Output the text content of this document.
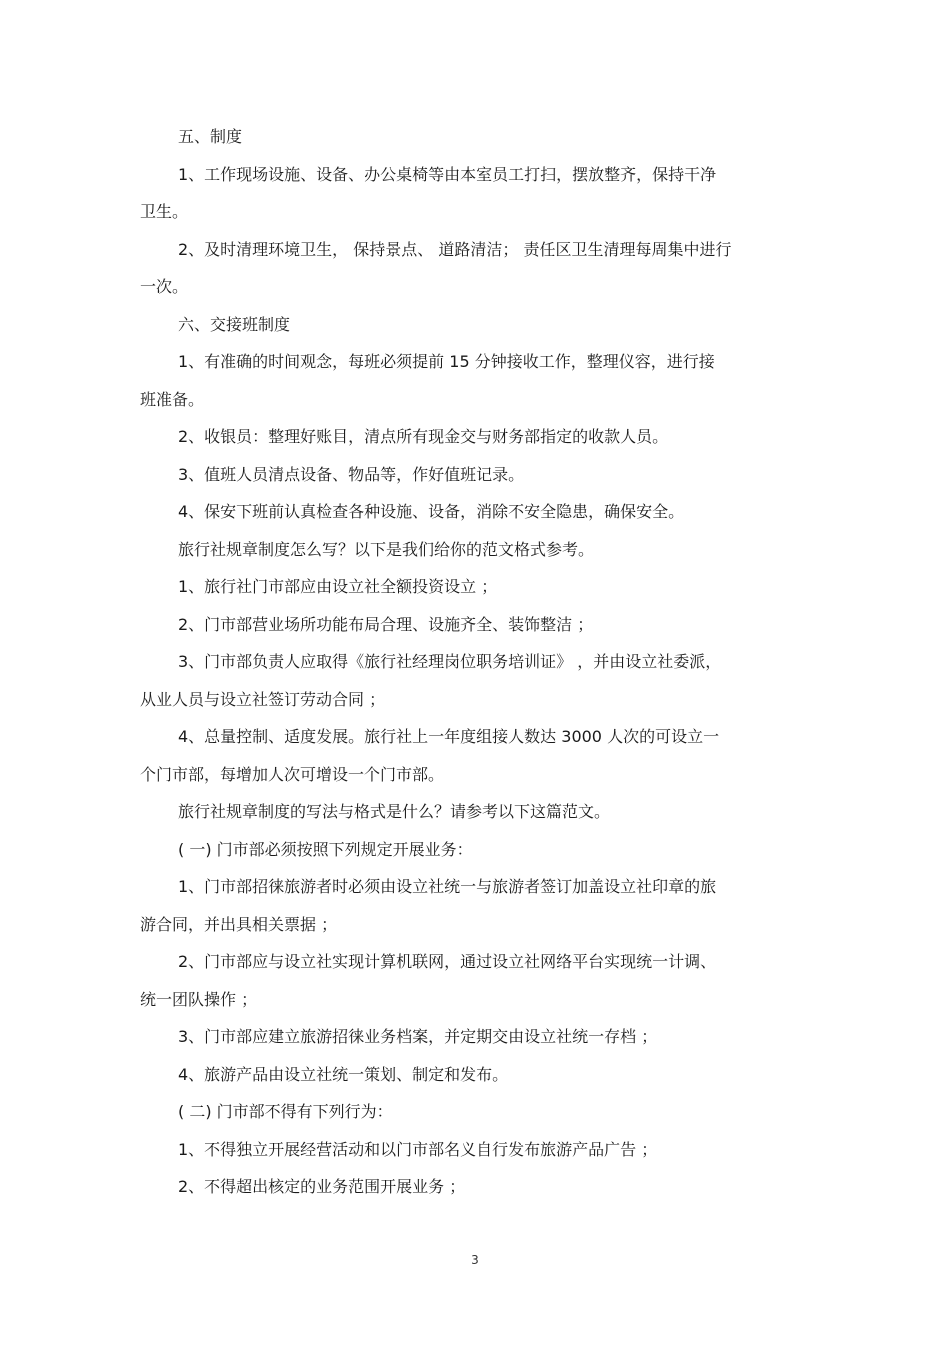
五、制度
1、工作现场设施、设备、办公桌椅等由本室员工打扫，摆放整齐，保持干净
卫生。
2、及时清理环境卫生， 保持景点、 道路清洁； 责任区卫生清理每周集中进行
一次。
六、交接班制度
1、有准确的时间观念，每班必须提前 15 分钟接收工作，整理仪容，进行接
班准备。
2、收银员：整理好账目，清点所有现金交与财务部指定的收款人员。
3、值班人员清点设备、物品等，作好值班记录。
4、保安下班前认真检查各种设施、设备，消除不安全隐患，确保安全。
旅行社规章制度怎么写？以下是我们给你的范文格式参考。
1、旅行社门市部应由设立社全额投资设立 ；
2、门市部营业场所功能布局合理、设施齐全、装饰整洁 ；
3、门市部负责人应取得《旅行社经理岗位职务培训证》 ，并由设立社委派，
从业人员与设立社签订劳动合同 ；
4、总量控制、适度发展。旅行社上一年度组接人数达 3000 人次的可设立一
个门市部，每增加人次可增设一个门市部。
旅行社规章制度的写法与格式是什么？请参考以下这篇范文。
( 一) 门市部必须按照下列规定开展业务：
1、门市部招徕旅游者时必须由设立社统一与旅游者签订加盖设立社印章的旅
游合同，并出具相关票据 ；
2、门市部应与设立社实现计算机联网，通过设立社网络平台实现统一计调、
统一团队操作 ；
3、门市部应建立旅游招徕业务档案，并定期交由设立社统一存档 ；
4、旅游产品由设立社统一策划、制定和发布。
( 二) 门市部不得有下列行为：
1、不得独立开展经营活动和以门市部名义自行发布旅游产品广告 ；
2、不得超出核定的业务范围开展业务 ；
3
